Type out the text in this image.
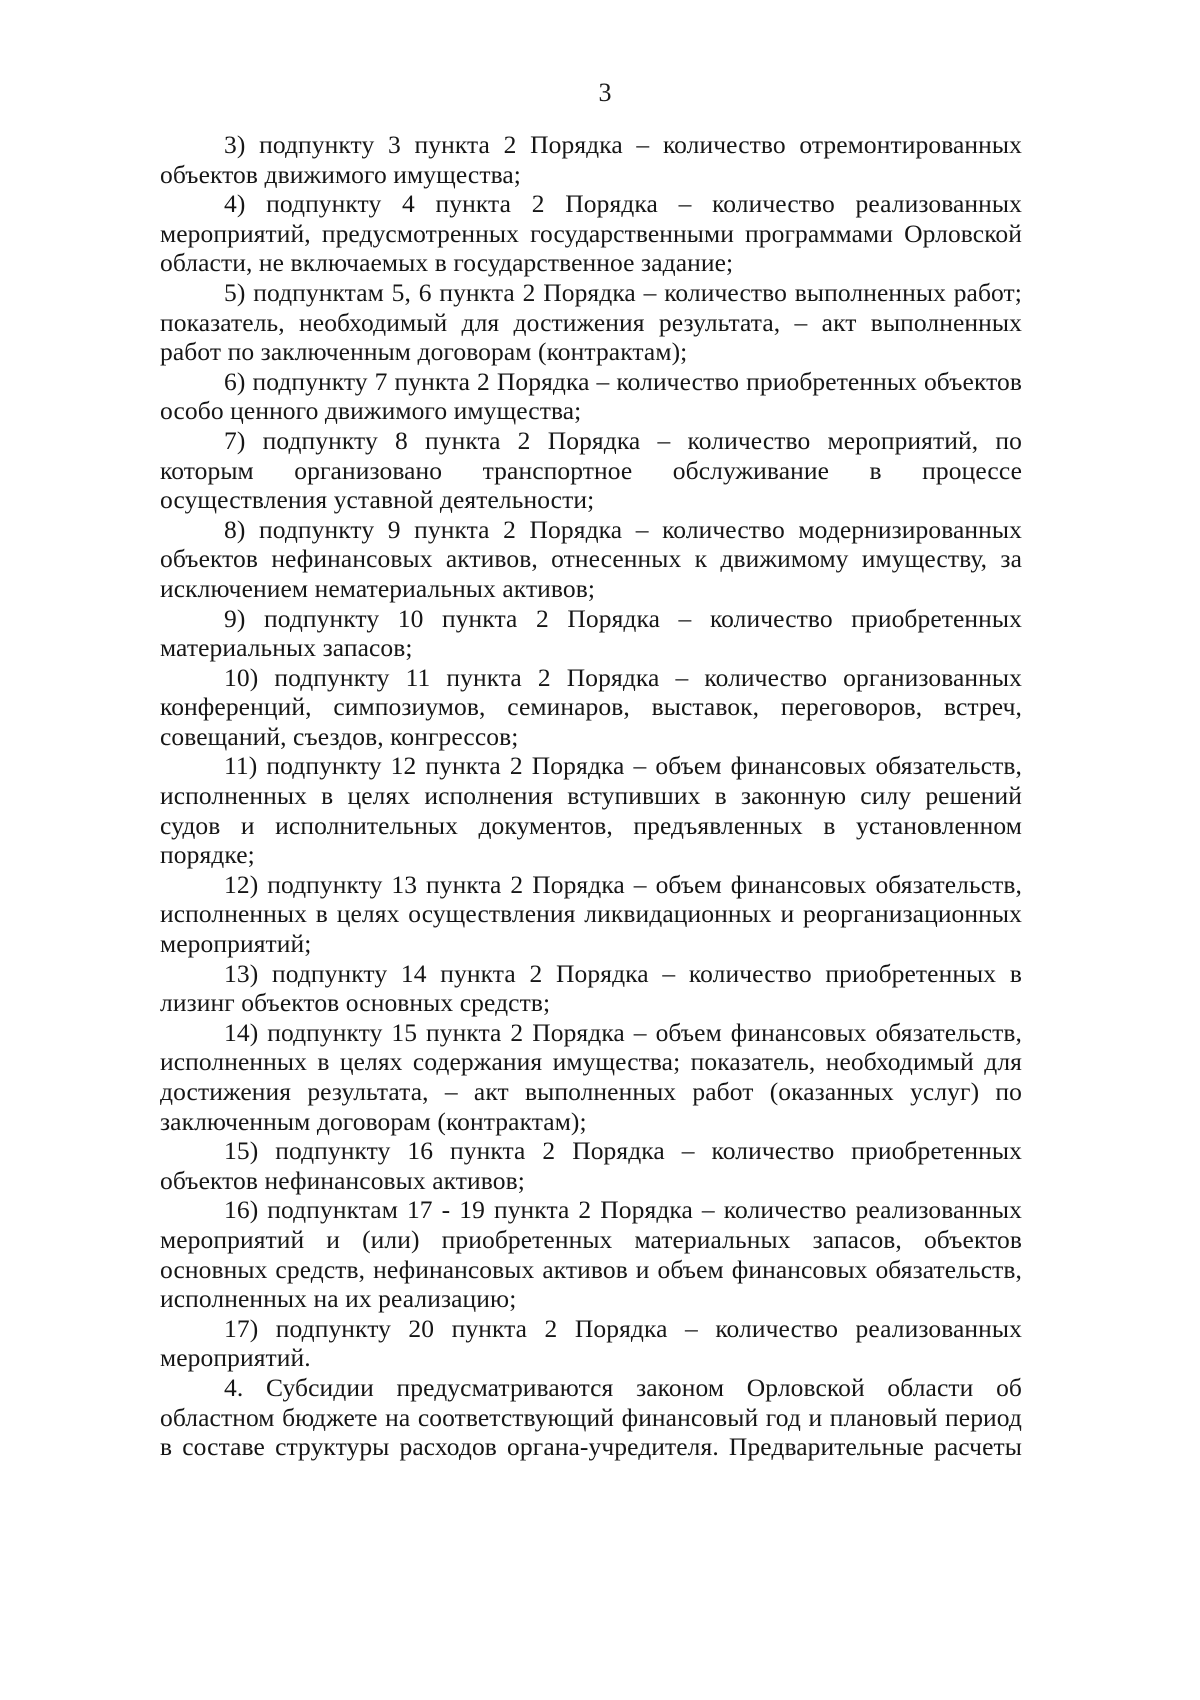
3

3) подпункту 3 пункта 2 Порядка – количество отремонтированных объектов движимого имущества;

4) подпункту 4 пункта 2 Порядка – количество реализованных мероприятий, предусмотренных государственными программами Орловской области, не включаемых в государственное задание;

5) подпунктам 5, 6 пункта 2 Порядка – количество выполненных работ; показатель, необходимый для достижения результата, – акт выполненных работ по заключенным договорам (контрактам);

6) подпункту 7 пункта 2 Порядка – количество приобретенных объектов особо ценного движимого имущества;

7) подпункту 8 пункта 2 Порядка – количество мероприятий, по которым организовано транспортное обслуживание в процессе осуществления уставной деятельности;

8) подпункту 9 пункта 2 Порядка – количество модернизированных объектов нефинансовых активов, отнесенных к движимому имуществу, за исключением нематериальных активов;

9) подпункту 10 пункта 2 Порядка – количество приобретенных материальных запасов;

10) подпункту 11 пункта 2 Порядка – количество организованных конференций, симпозиумов, семинаров, выставок, переговоров, встреч, совещаний, съездов, конгрессов;

11) подпункту 12 пункта 2 Порядка – объем финансовых обязательств, исполненных в целях исполнения вступивших в законную силу решений судов и исполнительных документов, предъявленных в установленном порядке;

12) подпункту 13 пункта 2 Порядка – объем финансовых обязательств, исполненных в целях осуществления ликвидационных и реорганизационных мероприятий;

13) подпункту 14 пункта 2 Порядка – количество приобретенных в лизинг объектов основных средств;

14) подпункту 15 пункта 2 Порядка – объем финансовых обязательств, исполненных в целях содержания имущества; показатель, необходимый для достижения результата, – акт выполненных работ (оказанных услуг) по заключенным договорам (контрактам);

15) подпункту 16 пункта 2 Порядка – количество приобретенных объектов нефинансовых активов;

16) подпунктам 17 - 19 пункта 2 Порядка – количество реализованных мероприятий и (или) приобретенных материальных запасов, объектов основных средств, нефинансовых активов и объем финансовых обязательств, исполненных на их реализацию;

17) подпункту 20 пункта 2 Порядка – количество реализованных мероприятий.

4. Субсидии предусматриваются законом Орловской области об областном бюджете на соответствующий финансовый год и плановый период в составе структуры расходов органа-учредителя. Предварительные расчеты
